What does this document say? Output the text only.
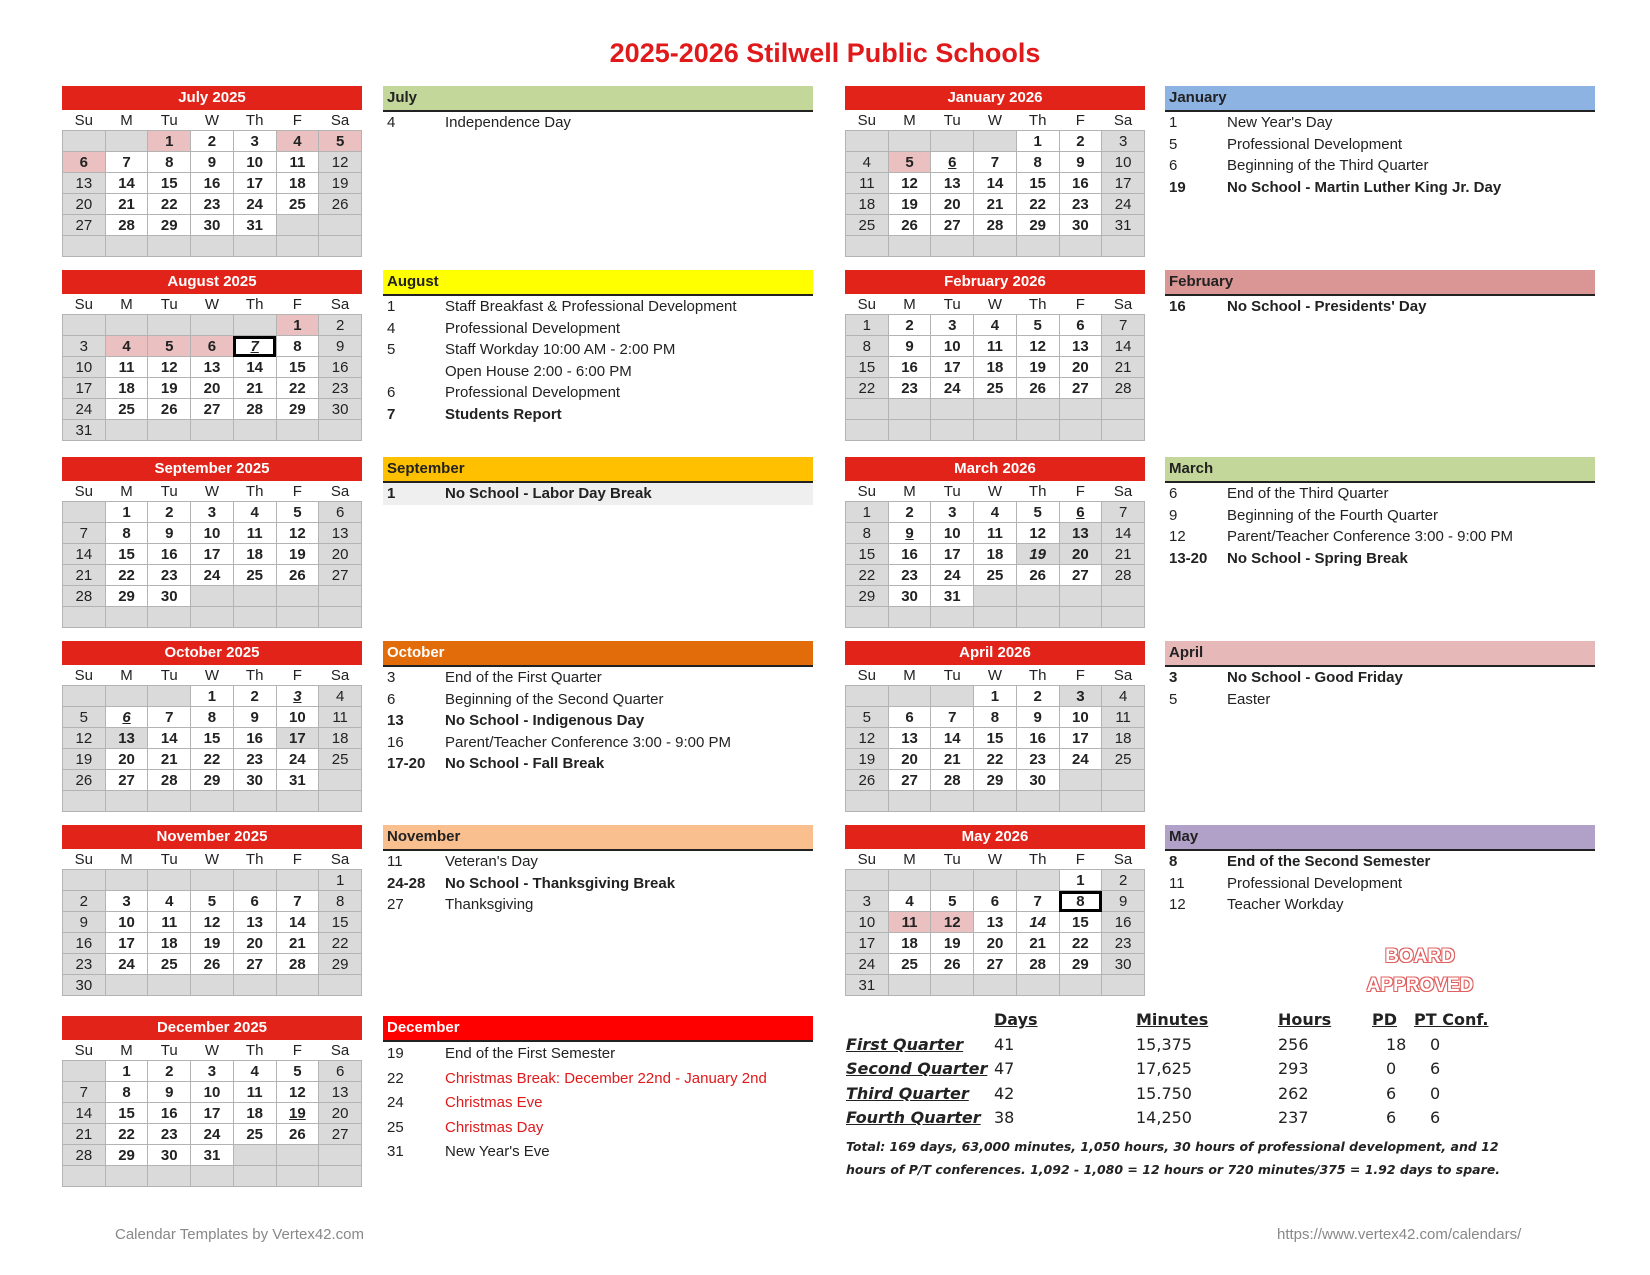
2025-2026 Stilwell Public Schools
July 2025
Su	M	Tu	W	Th	F	Sa
		1	2	3	4	5
6	7	8	9	10	11	12
13	14	15	16	17	18	19
20	21	22	23	24	25	26
27	28	29	30	31		

August 2025
Su	M	Tu	W	Th	F	Sa
					1	2
3	4	5	6	7	8	9
10	11	12	13	14	15	16
17	18	19	20	21	22	23
24	25	26	27	28	29	30
31						
September 2025
Su	M	Tu	W	Th	F	Sa
	1	2	3	4	5	6
7	8	9	10	11	12	13
14	15	16	17	18	19	20
21	22	23	24	25	26	27
28	29	30				

October 2025
Su	M	Tu	W	Th	F	Sa
			1	2	3	4
5	6	7	8	9	10	11
12	13	14	15	16	17	18
19	20	21	22	23	24	25
26	27	28	29	30	31	

November 2025
Su	M	Tu	W	Th	F	Sa
						1
2	3	4	5	6	7	8
9	10	11	12	13	14	15
16	17	18	19	20	21	22
23	24	25	26	27	28	29
30						
December 2025
Su	M	Tu	W	Th	F	Sa
	1	2	3	4	5	6
7	8	9	10	11	12	13
14	15	16	17	18	19	20
21	22	23	24	25	26	27
28	29	30	31			

January 2026
Su	M	Tu	W	Th	F	Sa
				1	2	3
4	5	6	7	8	9	10
11	12	13	14	15	16	17
18	19	20	21	22	23	24
25	26	27	28	29	30	31

February 2026
Su	M	Tu	W	Th	F	Sa
1	2	3	4	5	6	7
8	9	10	11	12	13	14
15	16	17	18	19	20	21
22	23	24	25	26	27	28

March 2026
Su	M	Tu	W	Th	F	Sa
1	2	3	4	5	6	7
8	9	10	11	12	13	14
15	16	17	18	19	20	21
22	23	24	25	26	27	28
29	30	31				

April 2026
Su	M	Tu	W	Th	F	Sa
			1	2	3	4
5	6	7	8	9	10	11
12	13	14	15	16	17	18
19	20	21	22	23	24	25
26	27	28	29	30		

May 2026
Su	M	Tu	W	Th	F	Sa
					1	2
3	4	5	6	7	8	9
10	11	12	13	14	15	16
17	18	19	20	21	22	23
24	25	26	27	28	29	30
31						
July
4	Independence Day
August
1	Staff Breakfast & Professional Development
4	Professional Development
5	Staff Workday 10:00 AM - 2:00 PM
Open House 2:00 - 6:00 PM
6	Professional Development
7	Students Report
September
1	No School - Labor Day Break
October
3	End of the First Quarter
6	Beginning of the Second Quarter
13	No School - Indigenous Day
16	Parent/Teacher Conference 3:00 - 9:00 PM
17-20 No School - Fall Break
November
11	Veteran's Day
24-28 No School - Thanksgiving Break
27	Thanksgiving
December
19	End of the First Semester
22	Christmas Break: December 22nd - January 2nd
24	Christmas Eve
25	Christmas Day
31	New Year's Eve
January
1	New Year's Day
5	Professional Development
6	Beginning of the Third Quarter
19	No School - Martin Luther King Jr. Day
February
16	No School - Presidents' Day
March
6	End of the Third Quarter
9	Beginning of the Fourth Quarter
12	Parent/Teacher Conference 3:00 - 9:00 PM
13-20 No School - Spring Break
April
3	No School - Good Friday
5	Easter
May
8	End of the Second Semester
11	Professional Development
12	Teacher Workday
Days	Minutes	Hours	PD PT Conf.
First Quarter 41	15,375	256	18 0
Second Quarter 47	17,625	293	0 6
Third Quarter 42	15.750	262	6 0
Fourth Quarter 38	14,250	237	6 6
Total: 169 days, 63,000 minutes, 1,050 hours, 30 hours of professional development, and 12 hours of P/T conferences. 1,092 - 1,080 = 12 hours or 720 minutes/375 = 1.92 days to spare.
BOARD
APPROVED
Calendar Templates by Vertex42.com	https://www.vertex42.com/calendars/
